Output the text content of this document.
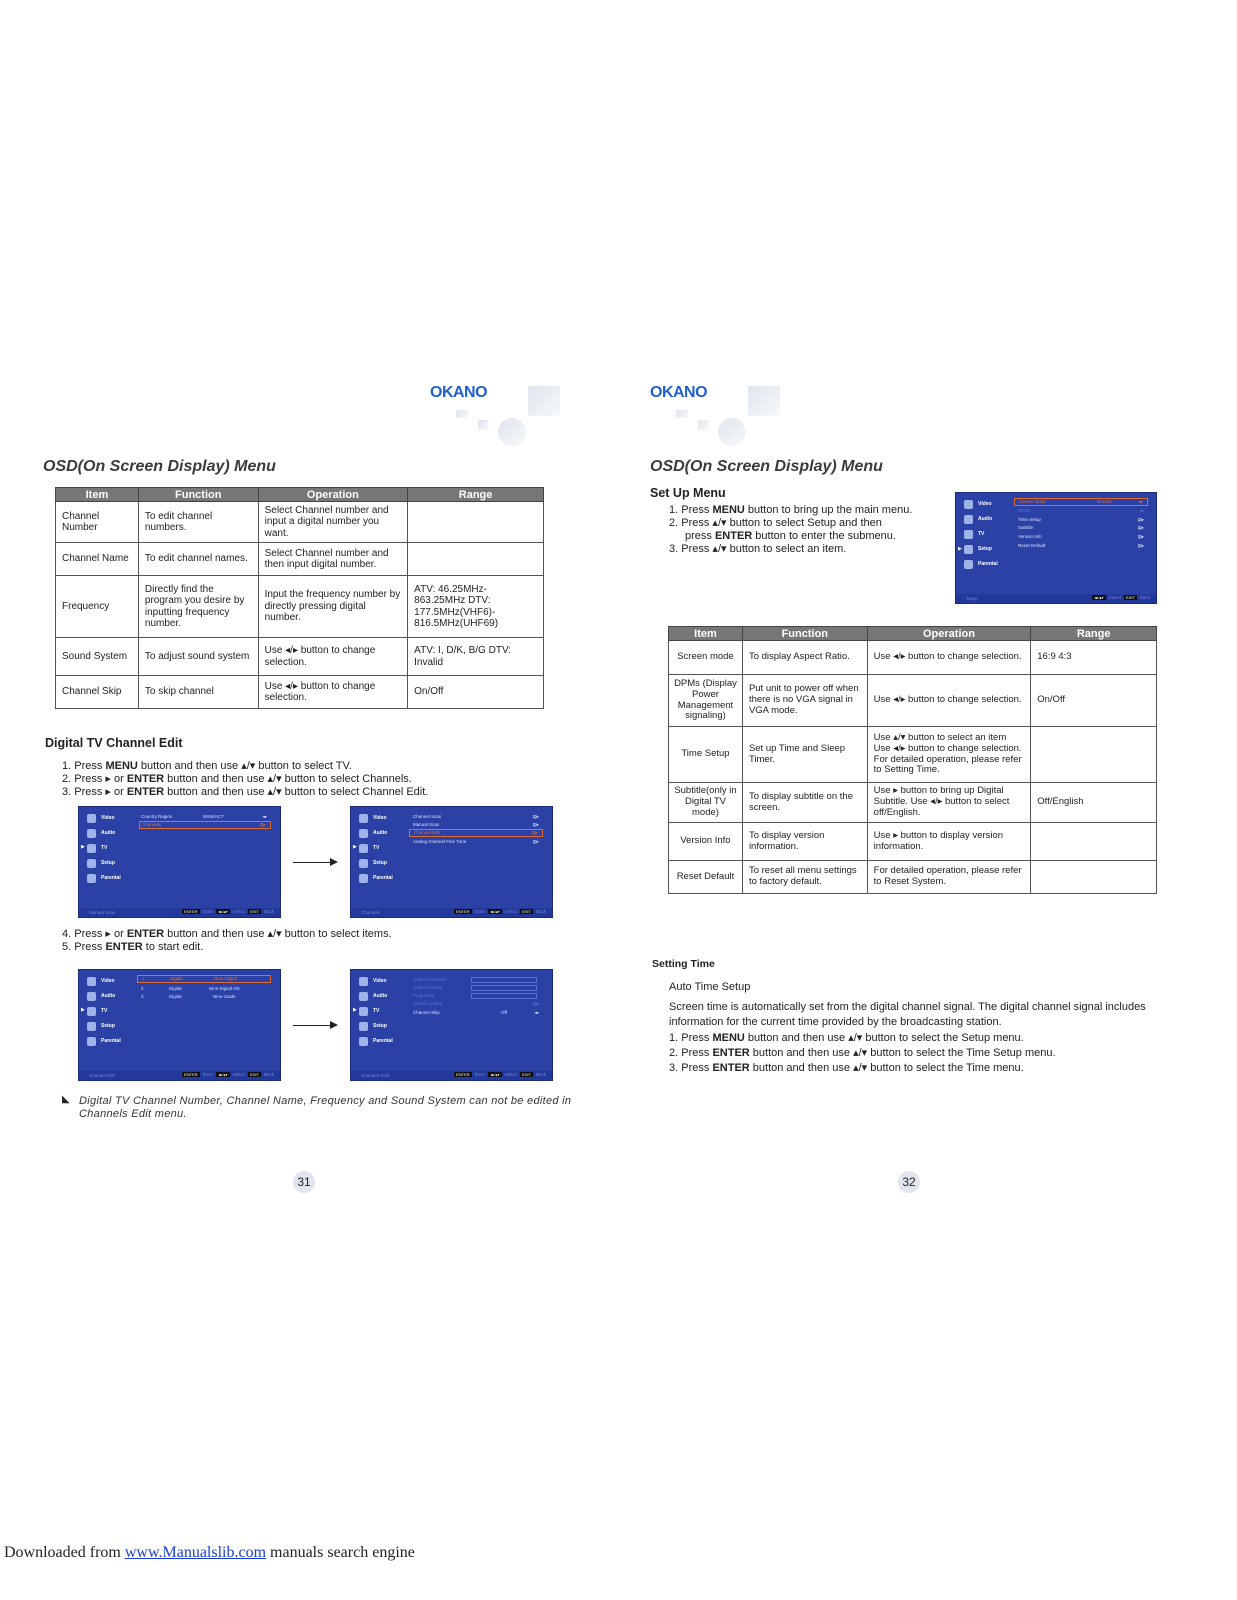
OKANO
OSD(On Screen Display) Menu
Item	Function	Operation	Range
Channel Number	To edit channel numbers.	Select Channel number and input a digital number you want.	
Channel Name	To edit channel names.	Select Channel number and then input digital number.	
Frequency	Directly find the program you desire by inputting frequency number.	Input the frequency number by directly pressing digital number.	ATV: 46.25MHz- 863.25MHz DTV: 177.5MHz(VHF6)- 816.5MHz(UHF69)
Sound System	To adjust sound system	Use ◂/▸ button to change selection.	ATV: I, D/K, B/G DTV: Invalid
Channel Skip	To skip channel	Use ◂/▸ button to change selection.	On/Off
Digital TV Channel Edit
1. Press MENU button and then use ▴/▾ button to select TV.
2. Press ▸ or ENTER button and then use ▴/▾ button to select Channels.
3. Press ▸ or ENTER button and then use ▴/▾ button to select Channel Edit.
▶
Video
Audio
TV
Setup
Parental
Country Region	NSW/ACT	◂▸
Channels	▤▸
Manual Scan	ENTER	Enter	◂▸/▴▾	Select	EXIT	Back
▶
Video
Audio
TV
Setup
Parental
Channel Scan	▤▸
Manual Scan	▤▸
Channel Edit	▤▸
Analog Channel Fine Tune	▤▸
Channels	ENTER	Enter	◂▸/▴▾	Select	EXIT	Back
4. Press ▸ or ENTER button and then use ▴/▾ button to select items.
5. Press ENTER to start edit.
▶
Video
Audio
TV
Setup
Parental
1	Digital	Nine Digital
2	Digital	Nine Digital HD
3	Digital	Nine Guide
Channel Edit	ENTER	Enter	◂▸/▴▾	Select	EXIT	Back
▶
Video
Audio
TV
Setup
Parental
Channel Number
Channel Name
Frequency
Sound System	▤▸
Channel Skip	Off	◂▸
Channels Edit	ENTER	Enter	◂▸/▴▾	Select	EXIT	Back
◣ Digital TV Channel Number, Channel Name, Frequency and Sound System can not be edited in Channels Edit menu.
31
OKANO
OSD(On Screen Display) Menu
Set Up Menu
1. Press MENU button to bring up the main menu.
2. Press ▴/▾ button to select Setup and then
press ENTER button to enter the submenu.
3. Press ▴/▾ button to select an item.	▶
Video
Audio
TV
Setup
Parental
Screen Mode	Normal	◂▸
DPMS	◂▸
Time Setup	▤▸
Subtitle	▤▸
Version Info	▤▸
Reset Default	▤▸
Setup	◂▸/▴▾	Select	EXIT	Back
Item	Function	Operation	Range
Screen mode	To display Aspect Ratio.	Use ◂/▸ button to change selection.	16:9 4:3
DPMs (Display Power Management signaling)	Put unit to power off when there is no VGA signal in VGA mode.	Use ◂/▸ button to change selection.	On/Off
Time Setup	Set up Time and Sleep Timer.	Use ▴/▾ button to select an item Use ◂/▸ button to change selection. For detailed operation, please refer to Setting Time.	
Subtitle(only in Digital TV mode)	To display subtitle on the screen.	Use ▸ button to bring up Digital Subtitle. Use ◂/▸ button to select off/English.	Off/English
Version Info	To display version information.	Use ▸ button to display version information.	
Reset Default	To reset all menu settings to factory default.	For detailed operation, please refer to Reset System.	
Setting Time
Auto Time Setup
Screen time is automatically set from the digital channel signal. The digital channel signal includes information for the current time provided by the broadcasting station.
1. Press MENU button and then use ▴/▾ button to select the Setup menu.
2. Press ENTER button and then use ▴/▾ button to select the Time Setup menu.
3. Press ENTER button and then use ▴/▾ button to select the Time menu.
32
Downloaded from www.Manualslib.com manuals search engine
